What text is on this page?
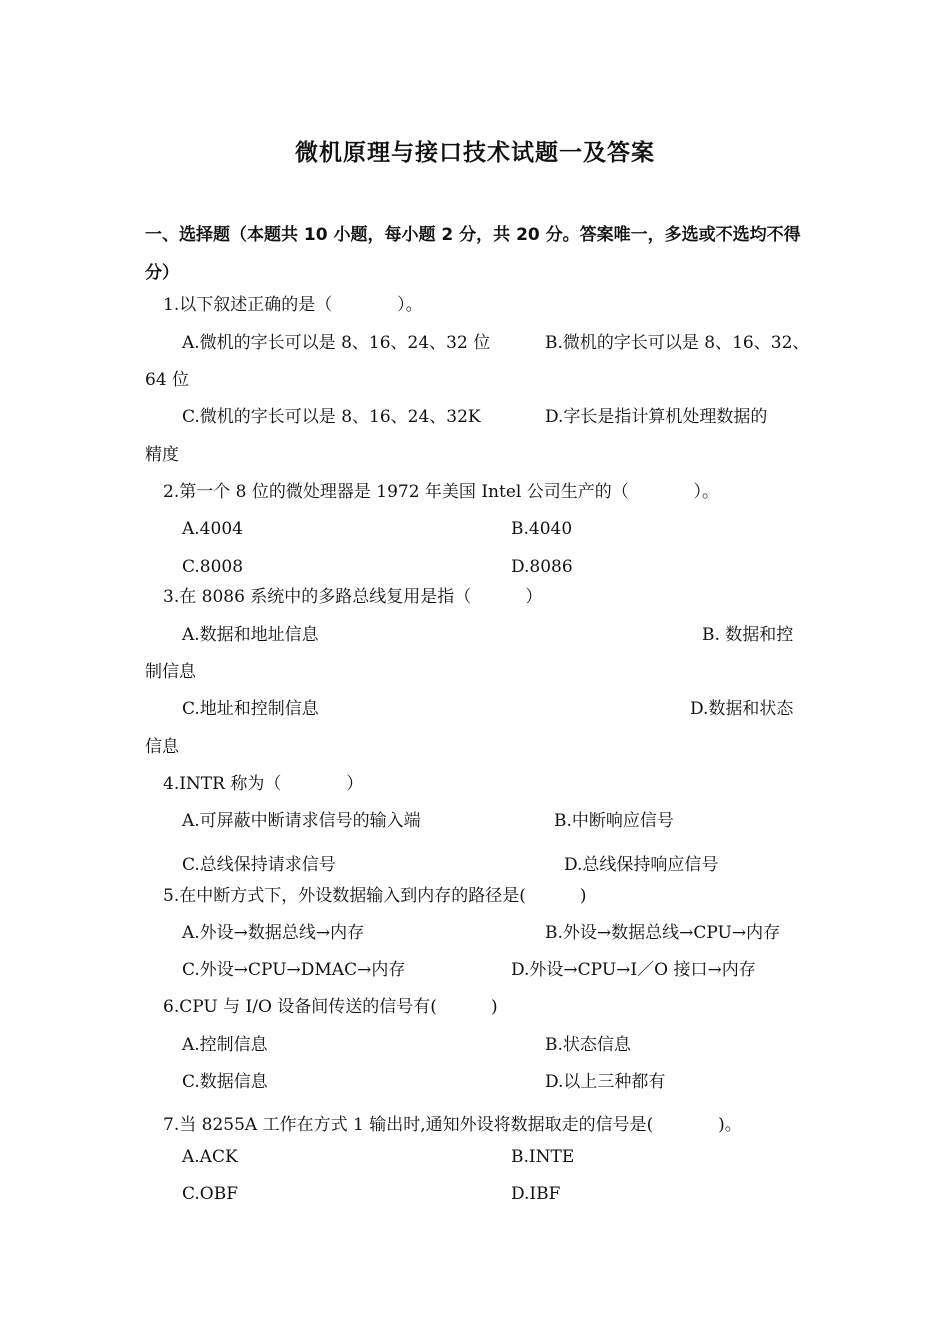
微机原理与接口技术试题一及答案
一、选择题（本题共 10 小题，每小题 2 分，共 20 分。答案唯一，多选或不选均不得分）
1.以下叙述正确的是（            ）。
A.微机的字长可以是 8、16、24、32 位	B.微机的字长可以是 8、16、32、
64 位
C.微机的字长可以是 8、16、24、32K	D.字长是指计算机处理数据的
精度
2.第一个 8 位的微处理器是 1972 年美国 Intel 公司生产的（            ）。
A.4004	B.4040
C.8008	D.8086
3.在 8086 系统中的多路总线复用是指（          ）
A.数据和地址信息	B. 数据和控
制信息
C.地址和控制信息	D.数据和状态
信息
4.INTR 称为（            ）
A.可屏蔽中断请求信号的输入端	B.中断响应信号
C.总线保持请求信号	D.总线保持响应信号
5.在中断方式下，外设数据输入到内存的路径是(          )
A.外设→数据总线→内存	B.外设→数据总线→CPU→内存
C.外设→CPU→DMAC→内存	D.外设→CPU→I／O 接口→内存
6.CPU 与 I/O 设备间传送的信号有(          )
A.控制信息	B.状态信息
C.数据信息	D.以上三种都有
7.当 8255A 工作在方式 1 输出时,通知外设将数据取走的信号是(            )。
A.ACK	B.INTE
C.OBF	D.IBF
